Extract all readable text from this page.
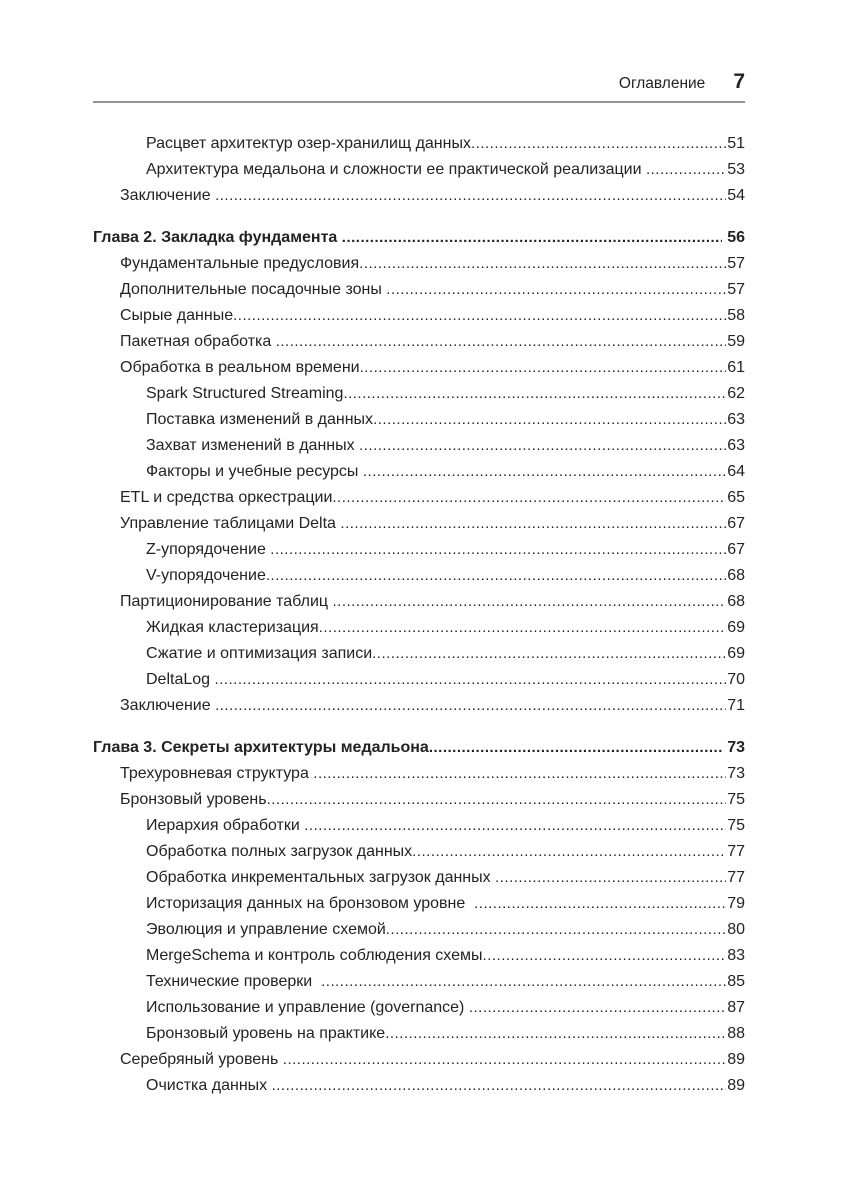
Оглавление 7
Расцвет архитектур озер-хранилищ данных .....	51
Архитектура медальона и сложности ее практической реализации .....	53
Заключение .....	54
Глава 2. Закладка фундамента .....	56
Фундаментальные предусловия .....	57
Дополнительные посадочные зоны .....	57
Сырые данные .....	58
Пакетная обработка .....	59
Обработка в реальном времени .....	61
Spark Structured Streaming .....	62
Поставка изменений в данных .....	63
Захват изменений в данных .....	63
Факторы и учебные ресурсы .....	64
ETL и средства оркестрации .....	65
Управление таблицами Delta .....	67
Z-упорядочение .....	67
V-упорядочение .....	68
Партиционирование таблиц .....	68
Жидкая кластеризация .....	69
Сжатие и оптимизация записи .....	69
DeltaLog .....	70
Заключение .....	71
Глава 3. Секреты архитектуры медальона .....	73
Трехуровневая структура .....	73
Бронзовый уровень .....	75
Иерархия обработки .....	75
Обработка полных загрузок данных .....	77
Обработка инкрементальных загрузок данных .....	77
Историзация данных на бронзовом уровне .....	79
Эволюция и управление схемой .....	80
MergeSchema и контроль соблюдения схемы .....	83
Технические проверки .....	85
Использование и управление (governance) .....	87
Бронзовый уровень на практике .....	88
Серебряный уровень .....	89
Очистка данных .....	89
